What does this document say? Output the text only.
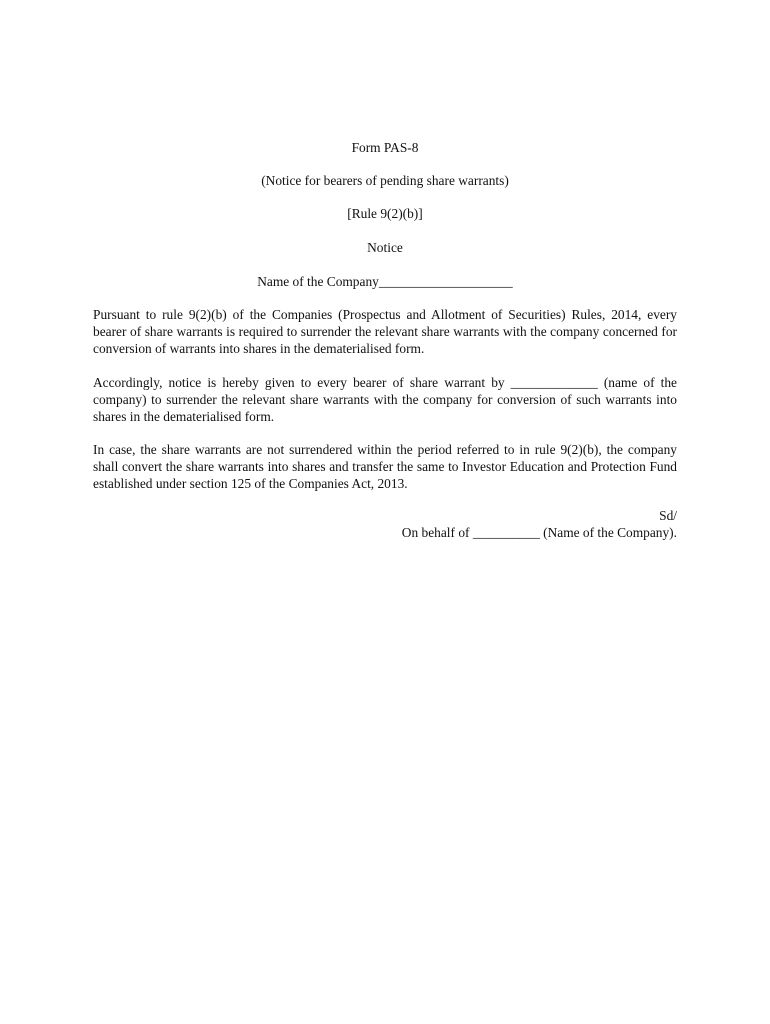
Form PAS-8
(Notice for bearers of pending share warrants)
[Rule 9(2)(b)]
Notice
Name of the Company____________________
Pursuant to rule 9(2)(b) of the Companies (Prospectus and Allotment of Securities) Rules, 2014, every bearer of share warrants is required to surrender the relevant share warrants with the company concerned for conversion of warrants into shares in the dematerialised form.
Accordingly, notice is hereby given to every bearer of share warrant by _____________ (name of the company) to surrender the relevant share warrants with the company for conversion of such warrants into shares in the dematerialised form.
In case, the share warrants are not surrendered within the period referred to in rule 9(2)(b), the company shall convert the share warrants into shares and transfer the same to Investor Education and Protection Fund established under section 125 of the Companies Act, 2013.
Sd/
On behalf of __________ (Name of the Company).
